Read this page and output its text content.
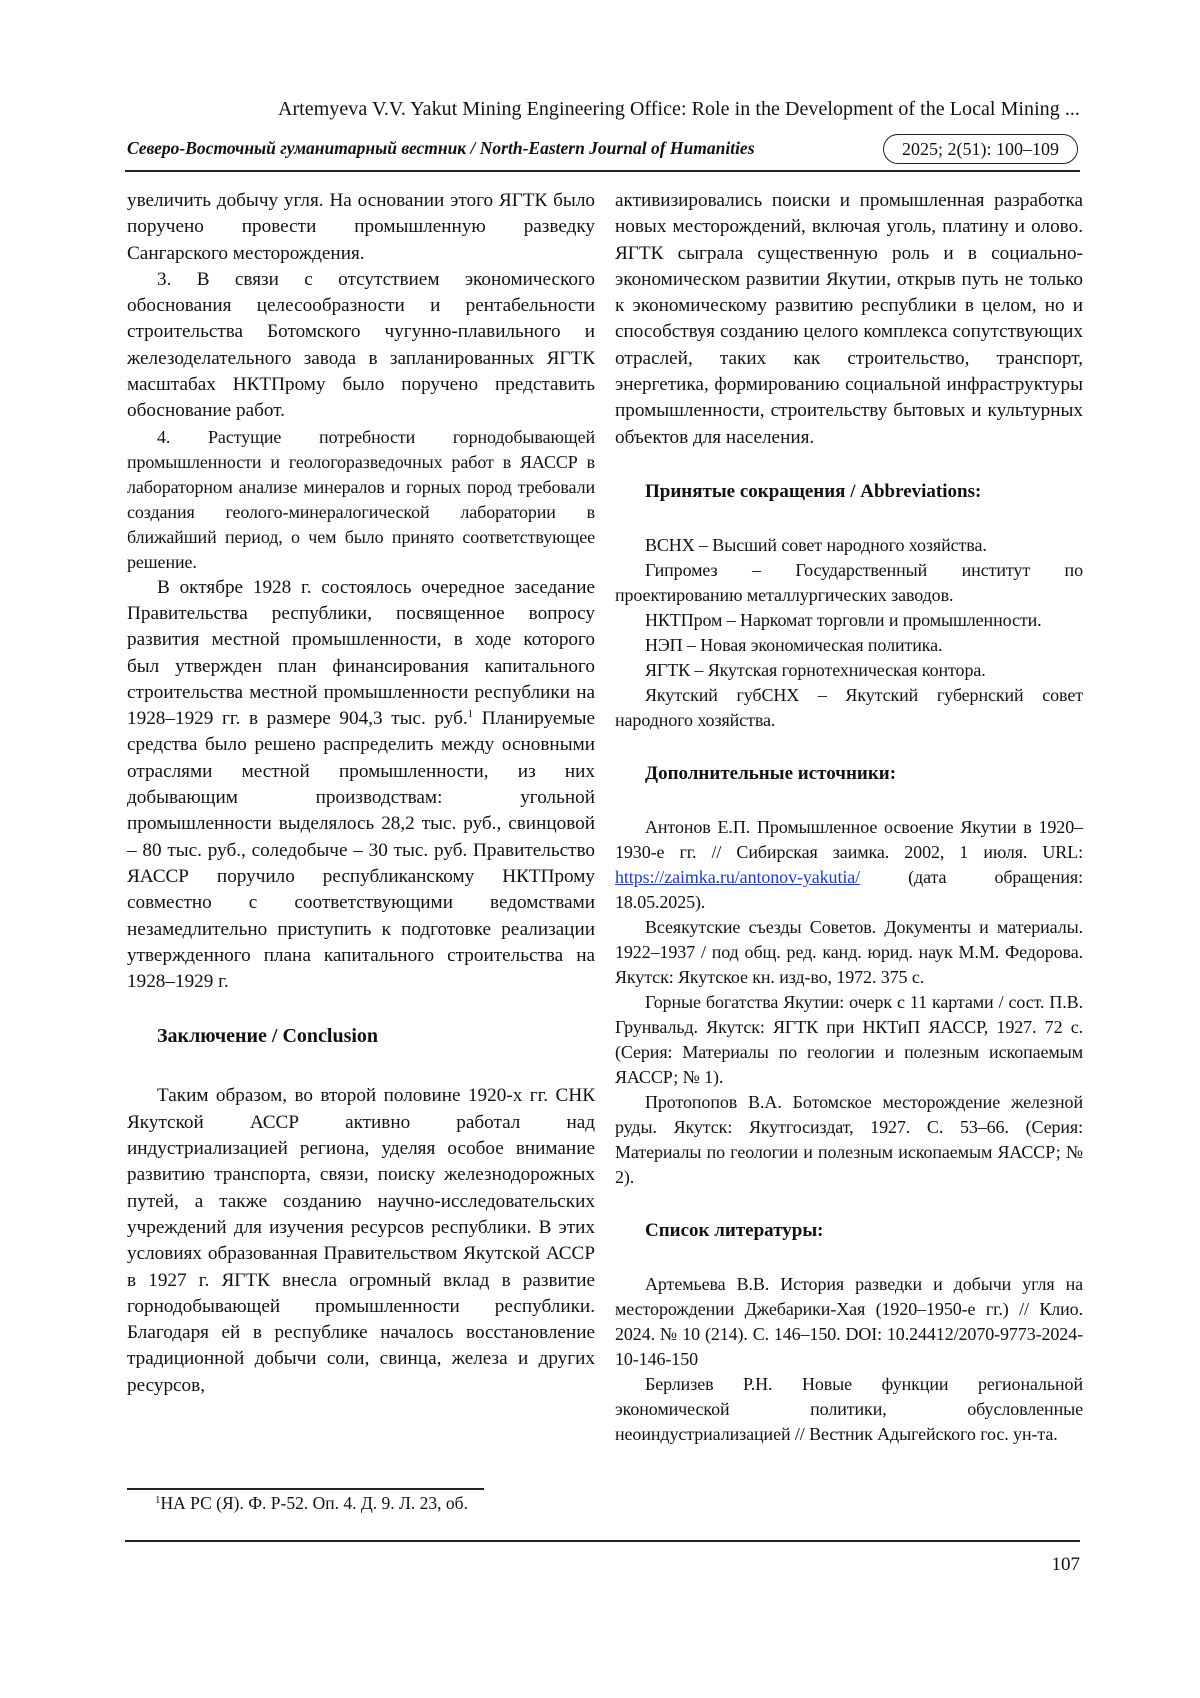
Artemyeva V.V. Yakut Mining Engineering Office: Role in the Development of the Local Mining ...
Северо-Восточный гуманитарный вестник / North-Eastern Journal of Humanities	2025; 2(51): 100–109

увеличить добычу угля. На основании этого ЯГТК было поручено провести промышленную разведку Сангарского месторождения.

3. В связи с отсутствием экономического обоснования целесообразности и рентабельности строительства Ботомского чугунно-плавильного и железоделательного завода в запланированных ЯГТК масштабах НКТПрому было поручено представить обоснование работ.

4. Растущие потребности горнодобывающей промышленности и геологоразведочных работ в ЯАССР в лабораторном анализе минералов и горных пород требовали создания геолого-минералогической лаборатории в ближайший период, о чем было принято соответствующее решение.

В октябре 1928 г. состоялось очередное заседание Правительства республики, посвященное вопросу развития местной промышленности, в ходе которого был утвержден план финансирования капитального строительства местной промышленности республики на 1928–1929 гг. в размере 904,3 тыс. руб.$^1$ Планируемые средства было решено распределить между основными отраслями местной промышленности, из них добывающим производствам: угольной промышленности выделялось 28,2 тыс. руб., свинцовой – 80 тыс. руб., соледобыче – 30 тыс. руб. Правительство ЯАССР поручило республиканскому НКТПрому совместно с соответствующими ведомствами незамедлительно приступить к подготовке реализации утвержденного плана капитального строительства на 1928–1929 г.

Заключение / Conclusion

Таким образом, во второй половине 1920-х гг. СНК Якутской АССР активно работал над индустриализацией региона, уделяя особое внимание развитию транспорта, связи, поиску железнодорожных путей, а также созданию научно-исследовательских учреждений для изучения ресурсов республики. В этих условиях образованная Правительством Якутской АССР в 1927 г. ЯГТК внесла огромный вклад в развитие горнодобывающей промышленности республики. Благодаря ей в республике началось восстановление традиционной добычи соли, свинца, железа и других ресурсов,

активизировались поиски и промышленная разработка новых месторождений, включая уголь, платину и олово. ЯГТК сыграла существенную роль и в социально-экономическом развитии Якутии, открыв путь не только к экономическому развитию республики в целом, но и способствуя созданию целого комплекса сопутствующих отраслей, таких как строительство, транспорт, энергетика, формированию социальной инфраструктуры промышленности, строительству бытовых и культурных объектов для населения.

Принятые сокращения / Abbreviations:

ВСНХ – Высший совет народного хозяйства.

Гипромез – Государственный институт по проектированию металлургических заводов.

НКТПром – Наркомат торговли и промышленности.

НЭП – Новая экономическая политика.

ЯГТК – Якутская горнотехническая контора.

Якутский губСНХ – Якутский губернский совет народного хозяйства.

Дополнительные источники:

Антонов Е.П. Промышленное освоение Якутии в 1920–1930-е гг. // Сибирская заимка. 2002, 1 июля. URL: https://zaimka.ru/antonov-yakutia/ (дата обращения: 18.05.2025).

Всеякутские съезды Советов. Документы и материалы. 1922–1937 / под общ. ред. канд. юрид. наук М.М. Федорова. Якутск: Якутское кн. изд-во, 1972. 375 с.

Горные богатства Якутии: очерк с 11 картами / сост. П.В. Грунвальд. Якутск: ЯГТК при НКТиП ЯАССР, 1927. 72 с. (Серия: Материалы по геологии и полезным ископаемым ЯАССР; № 1).

Протопопов В.А. Ботомское месторождение железной руды. Якутск: Якутгосиздат, 1927. С. 53–66. (Серия: Материалы по геологии и полезным ископаемым ЯАССР; № 2).

Список литературы:

Артемьева В.В. История разведки и добычи угля на месторождении Джебарики-Хая (1920–1950-е гг.) // Клио. 2024. № 10 (214). С. 146–150. DOI: 10.24412/2070-9773-2024-10-146-150

Берлизев Р.Н. Новые функции региональной экономической политики, обусловленные неоиндустриализацией // Вестник Адыгейского гос. ун-та.

$^1$НА РС (Я). Ф. Р-52. Оп. 4. Д. 9. Л. 23, об.
107
